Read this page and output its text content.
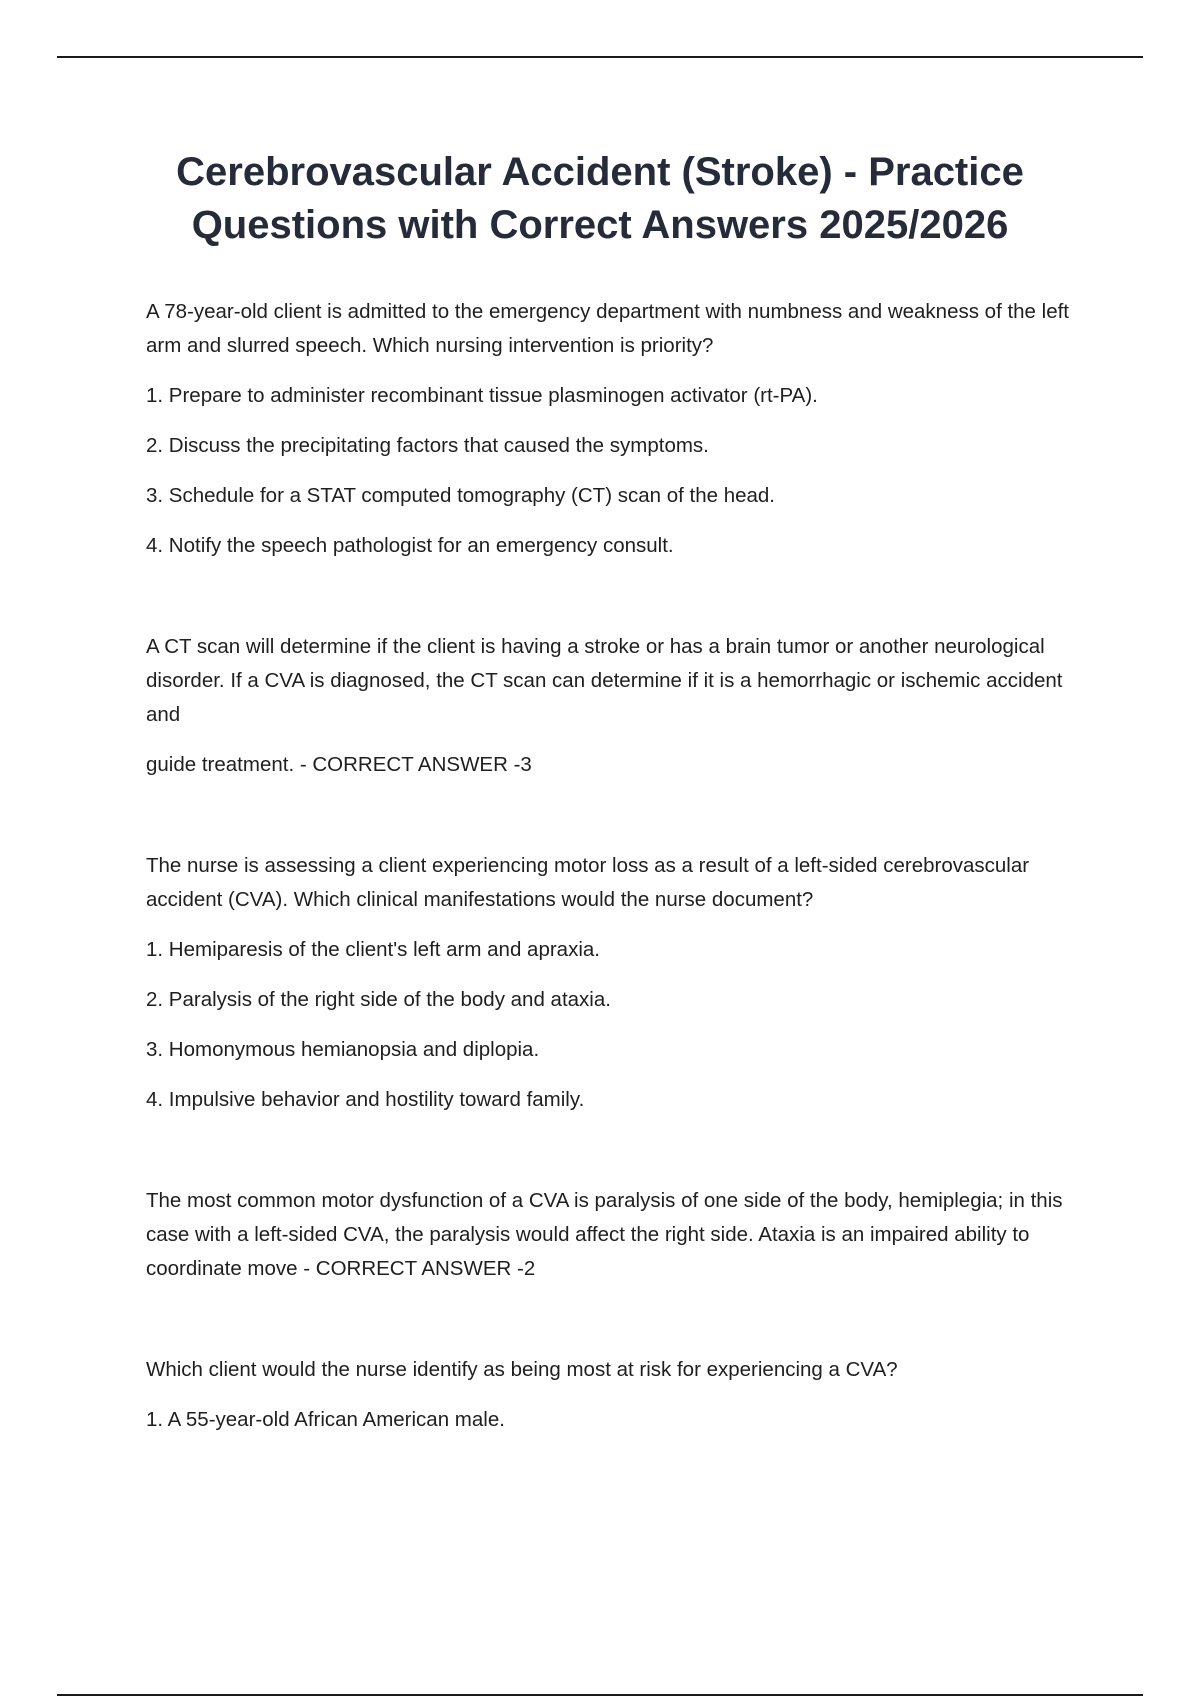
Cerebrovascular Accident (Stroke) - Practice Questions with Correct Answers 2025/2026

A 78-year-old client is admitted to the emergency department with numbness and weakness of the left arm and slurred speech. Which nursing intervention is priority?

1. Prepare to administer recombinant tissue plasminogen activator (rt-PA).

2. Discuss the precipitating factors that caused the symptoms.

3. Schedule for a STAT computed tomography (CT) scan of the head.

4. Notify the speech pathologist for an emergency consult.

A CT scan will determine if the client is having a stroke or has a brain tumor or another neurological disorder. If a CVA is diagnosed, the CT scan can determine if it is a hemorrhagic or ischemic accident and

guide treatment. - CORRECT ANSWER -3

The nurse is assessing a client experiencing motor loss as a result of a left-sided cerebrovascular accident (CVA). Which clinical manifestations would the nurse document?

1. Hemiparesis of the client's left arm and apraxia.

2. Paralysis of the right side of the body and ataxia.

3. Homonymous hemianopsia and diplopia.

4. Impulsive behavior and hostility toward family.

The most common motor dysfunction of a CVA is paralysis of one side of the body, hemiplegia; in this case with a left-sided CVA, the paralysis would affect the right side. Ataxia is an impaired ability to coordinate move - CORRECT ANSWER -2

Which client would the nurse identify as being most at risk for experiencing a CVA?

1. A 55-year-old African American male.
